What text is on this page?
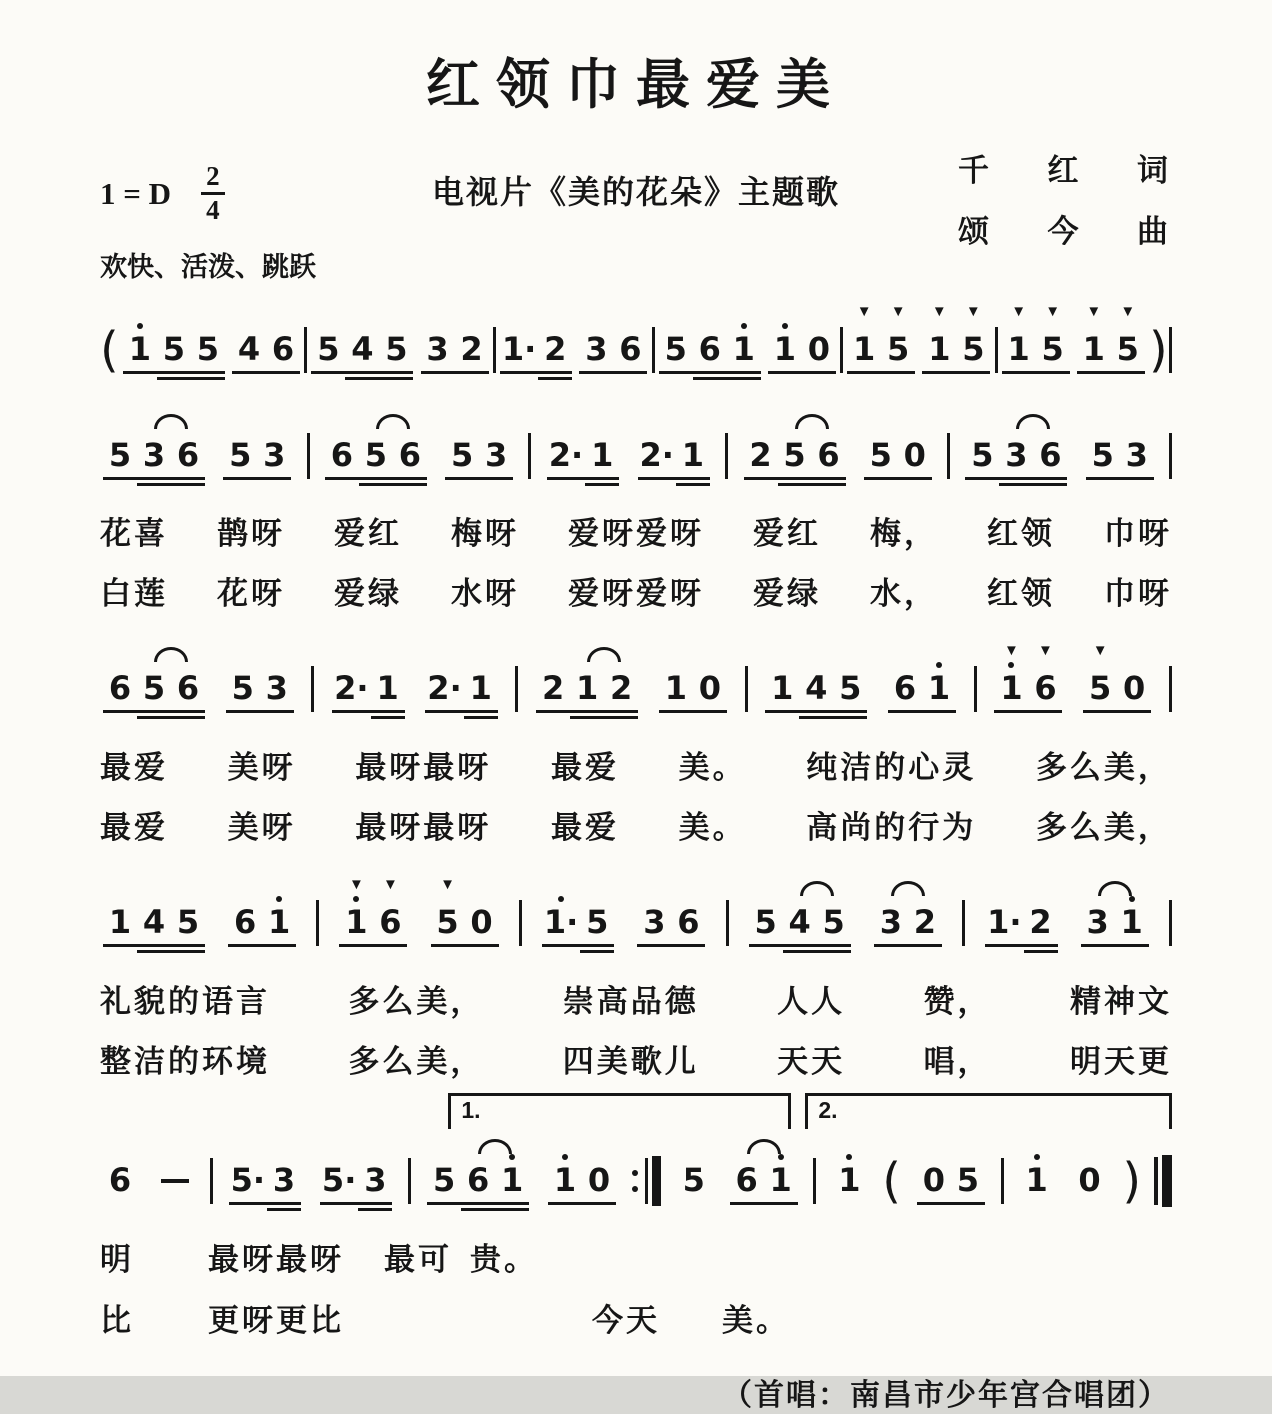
红领巾最爱美
1 = D $\frac{2}{4}$	电视片《美的花朵》主题歌
千 红 词
颂 今 曲
欢快、活泼、跳跃
( 1 5 5 4 6 5 4 5 3 2 1· 2 3 6 5 6 1 1 0
▼
1
▼
5
▼
1
▼
5
▼
1
▼
5
▼
1
▼
5 )
5 3 6 5 3 6 5 6 5 3 2· 1 2· 1 2 5 6 5 0 5 3 6 5 3
花喜 鹊呀 爱红 梅呀 爱呀爱呀 爱红 梅， 红领 巾呀
白莲 花呀 爱绿 水呀 爱呀爱呀 爱绿 水， 红领 巾呀
6 5 6 5 3 2· 1 2· 1 2 1 2 1 0 1 4 5 6 1
▼
1
▼
6
▼
5 0
最爱 美呀 最呀最呀 最爱 美。 纯洁的心灵 多么美，
最爱 美呀 最呀最呀 最爱 美。 高尚的行为 多么美，
1 4 5 6 1
▼
1
▼
6
▼
5 0 1· 5 3 6 5 4 5 3 2 1· 2 3 1
礼貌的语言	多么美，	崇高品德	人人	赞，	精神文
整洁的环境	多么美，	四美歌儿	天天	唱，	明天更
1.	2.
6	5· 3 5· 3 5 6 1 1 0 5 6 1 1 ( 0 5 1 0 )
明 最呀最呀 最可 贵。
比 更呀更比	今天 美。
（首唱：南昌市少年宫合唱团）
